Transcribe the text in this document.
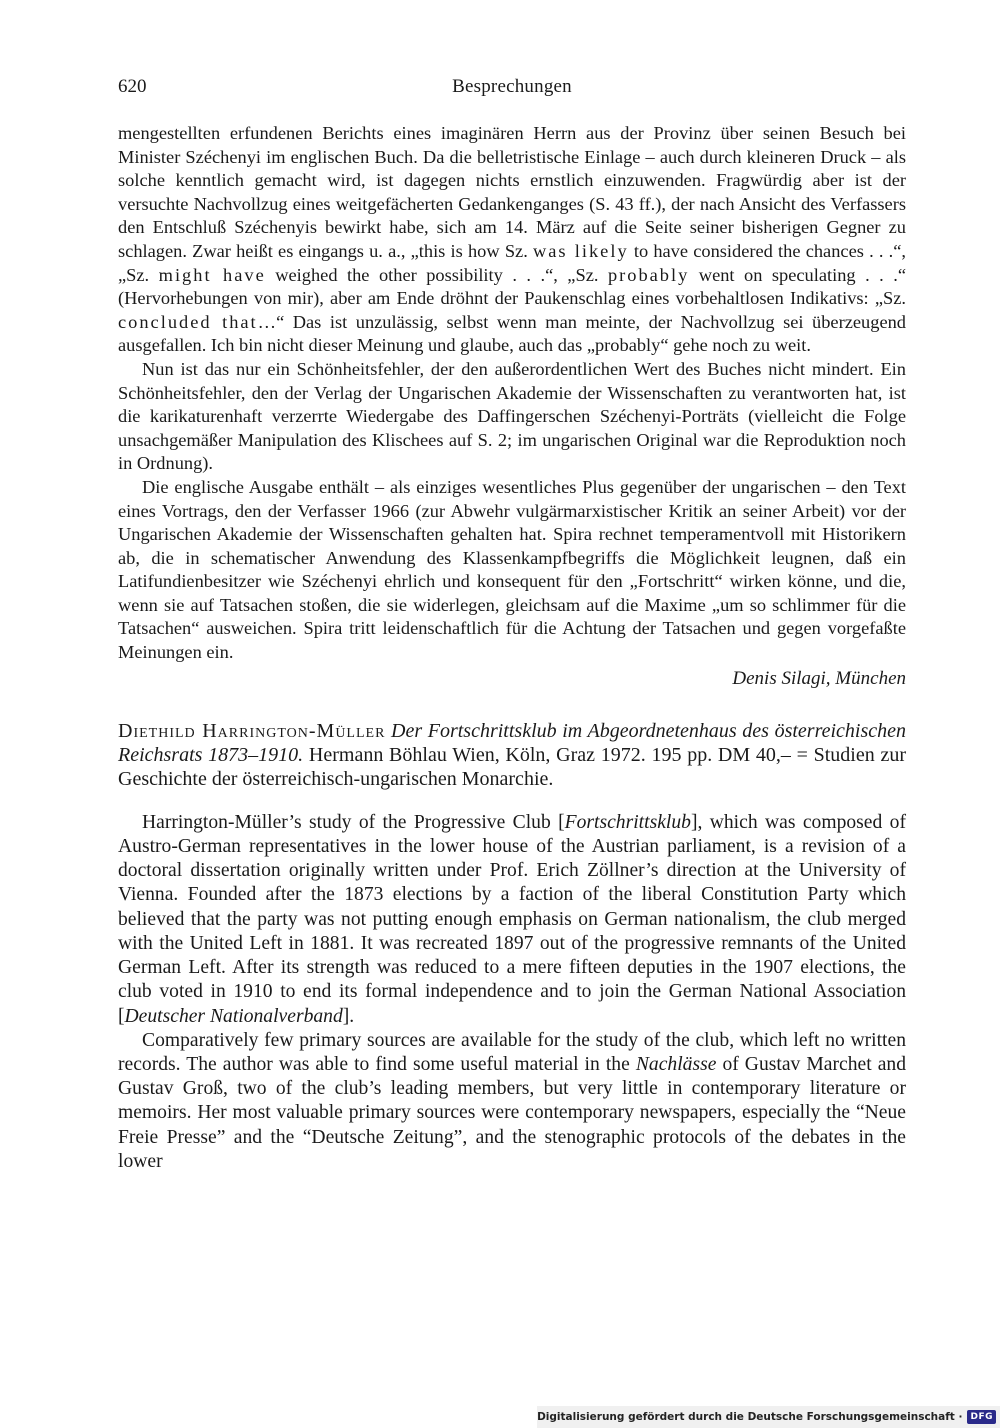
620	Besprechungen

mengestellten erfundenen Berichts eines imaginären Herrn aus der Provinz über seinen Besuch bei Minister Széchenyi im englischen Buch. Da die belletristische Einlage – auch durch kleineren Druck – als solche kenntlich gemacht wird, ist dagegen nichts ernstlich einzuwenden. Fragwürdig aber ist der versuchte Nachvollzug eines weitgefächerten Gedankenganges (S. 43 ff.), der nach Ansicht des Verfassers den Entschluß Széchenyis bewirkt habe, sich am 14. März auf die Seite seiner bisherigen Gegner zu schlagen. Zwar heißt es eingangs u. a., „this is how Sz. was likely to have considered the chances . . .“, „Sz. might have weighed the other possibility . . .“, „Sz. probably went on speculating . . .“ (Hervorhebungen von mir), aber am Ende dröhnt der Paukenschlag eines vorbehaltlosen Indikativs: „Sz. concluded that…“ Das ist unzulässig, selbst wenn man meinte, der Nachvollzug sei überzeugend ausgefallen. Ich bin nicht dieser Meinung und glaube, auch das „probably“ gehe noch zu weit.

Nun ist das nur ein Schönheitsfehler, der den außerordentlichen Wert des Buches nicht mindert. Ein Schönheitsfehler, den der Verlag der Ungarischen Akademie der Wissenschaften zu verantworten hat, ist die karikaturenhaft verzerrte Wiedergabe des Daffingerschen Széchenyi-Porträts (vielleicht die Folge unsachgemäßer Manipulation des Klischees auf S. 2; im ungarischen Original war die Reproduktion noch in Ordnung).

Die englische Ausgabe enthält – als einziges wesentliches Plus gegenüber der ungarischen – den Text eines Vortrags, den der Verfasser 1966 (zur Abwehr vulgärmarxistischer Kritik an seiner Arbeit) vor der Ungarischen Akademie der Wissenschaften gehalten hat. Spira rechnet temperamentvoll mit Historikern ab, die in schematischer Anwendung des Klassenkampfbegriffs die Möglichkeit leugnen, daß ein Latifundienbesitzer wie Széchenyi ehrlich und konsequent für den „Fortschritt“ wirken könne, und die, wenn sie auf Tatsachen stoßen, die sie widerlegen, gleichsam auf die Maxime „um so schlimmer für die Tatsachen“ ausweichen. Spira tritt leidenschaftlich für die Achtung der Tatsachen und gegen vorgefaßte Meinungen ein.

Denis Silagi, München

Diethild Harrington-Müller Der Fortschrittsklub im Abgeordnetenhaus des österreichischen Reichsrats 1873–1910. Hermann Böhlau Wien, Köln, Graz 1972. 195 pp. DM 40,– = Studien zur Geschichte der österreichisch-ungarischen Monarchie.

Harrington-Müller’s study of the Progressive Club [Fortschrittsklub], which was composed of Austro-German representatives in the lower house of the Austrian parliament, is a revision of a doctoral dissertation originally written under Prof. Erich Zöllner’s direction at the University of Vienna. Founded after the 1873 elections by a faction of the liberal Constitution Party which believed that the party was not putting enough emphasis on German nationalism, the club merged with the United Left in 1881. It was recreated 1897 out of the progressive remnants of the United German Left. After its strength was reduced to a mere fifteen deputies in the 1907 elections, the club voted in 1910 to end its formal independence and to join the German National Association [Deutscher Nationalverband].

Comparatively few primary sources are available for the study of the club, which left no written records. The author was able to find some useful material in the Nachlässe of Gustav Marchet and Gustav Groß, two of the club’s leading members, but very little in contemporary literature or memoirs. Her most valuable primary sources were contemporary newspapers, especially the “Neue Freie Presse” and the “Deutsche Zeitung”, and the stenographic protocols of the debates in the lower

Digitalisierung gefördert durch die Deutsche Forschungsgemeinschaft · DFG
